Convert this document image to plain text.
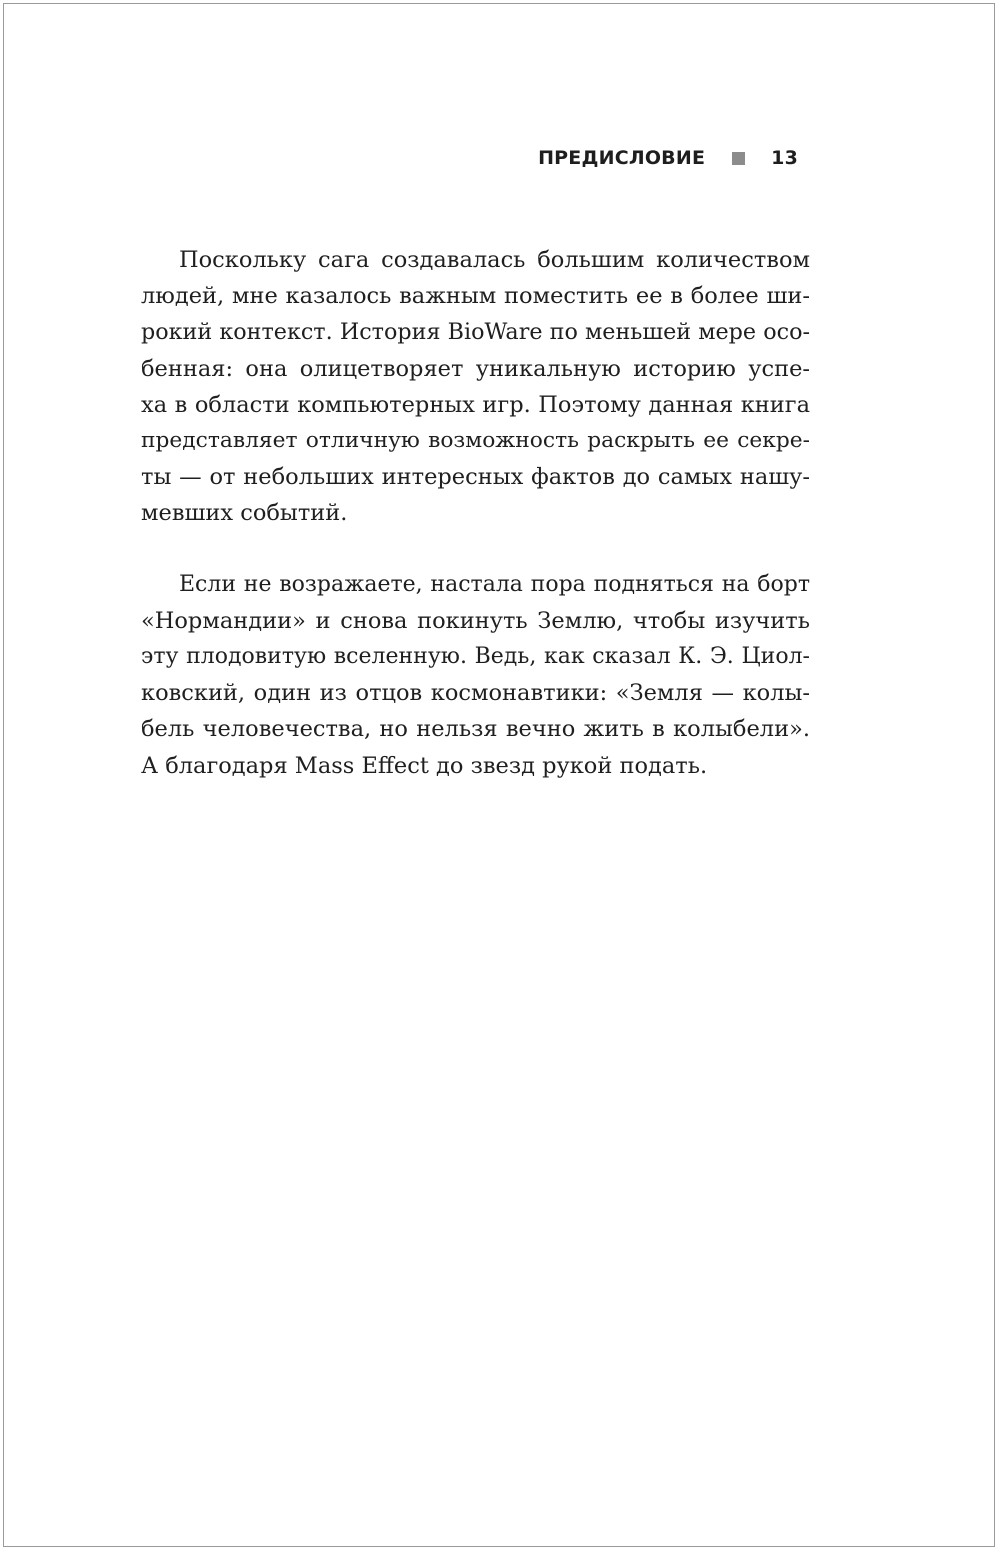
ПРЕДИСЛОВИЕ	13
Поскольку сага создавалась большим количеством
людей, мне казалось важным поместить ее в более ши-
рокий контекст. История BioWare по меньшей мере осо-
бенная: она олицетворяет уникальную историю успе-
ха в области компьютерных игр. Поэтому данная книга
представляет отличную возможность раскрыть ее секре-
ты — от небольших интересных фактов до самых нашу-
мевших событий.
Если не возражаете, настала пора подняться на борт
«Нормандии» и снова покинуть Землю, чтобы изучить
эту плодовитую вселенную. Ведь, как сказал К. Э. Циол-
ковский, один из отцов космонавтики: «Земля — колы-
бель человечества, но нельзя вечно жить в колыбели».
А благодаря Mass Effect до звезд рукой подать.
